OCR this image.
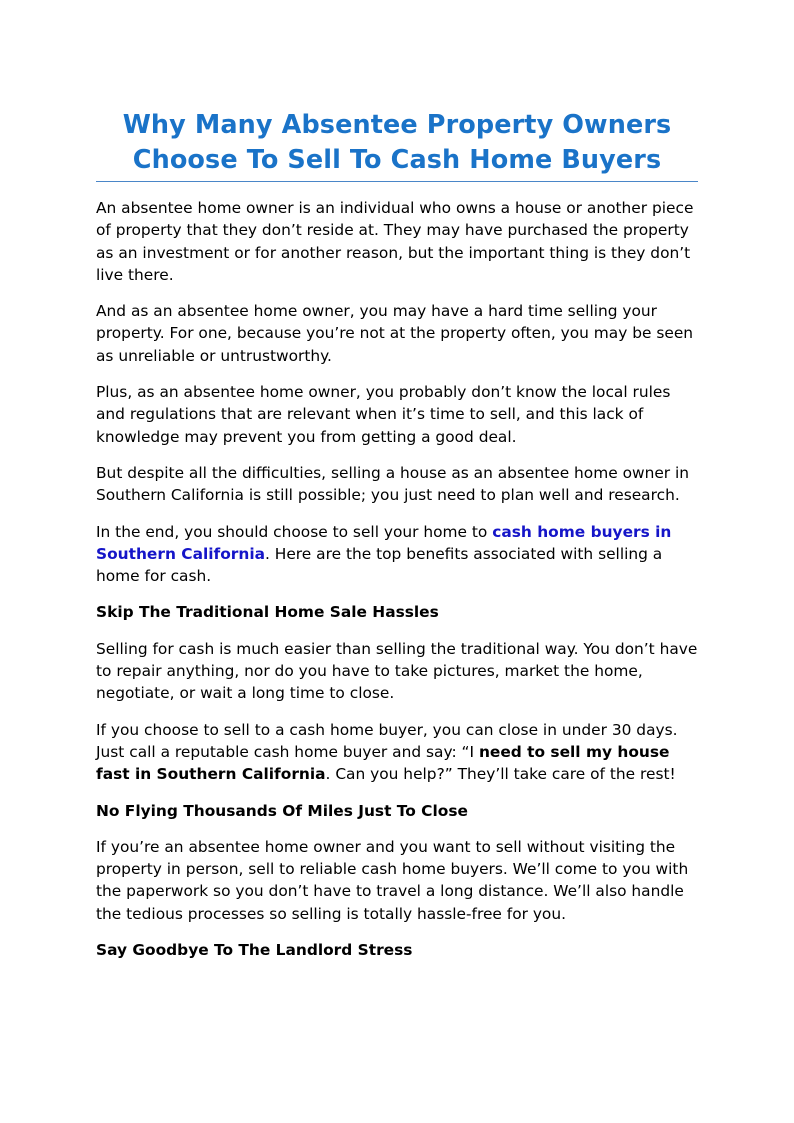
Why Many Absentee Property Owners
Choose To Sell To Cash Home Buyers

An absentee home owner is an individual who owns a house or another piece of property that they don’t reside at. They may have purchased the property as an investment or for another reason, but the important thing is they don’t live there.

And as an absentee home owner, you may have a hard time selling your property. For one, because you’re not at the property often, you may be seen as unreliable or untrustworthy.

Plus, as an absentee home owner, you probably don’t know the local rules and regulations that are relevant when it’s time to sell, and this lack of knowledge may prevent you from getting a good deal.

But despite all the difficulties, selling a house as an absentee home owner in Southern California is still possible; you just need to plan well and research.

In the end, you should choose to sell your home to cash home buyers in Southern California. Here are the top benefits associated with selling a home for cash.

Skip The Traditional Home Sale Hassles

Selling for cash is much easier than selling the traditional way. You don’t have to repair anything, nor do you have to take pictures, market the home, negotiate, or wait a long time to close.

If you choose to sell to a cash home buyer, you can close in under 30 days. Just call a reputable cash home buyer and say: “I need to sell my house fast in Southern California. Can you help?” They’ll take care of the rest!

No Flying Thousands Of Miles Just To Close

If you’re an absentee home owner and you want to sell without visiting the property in person, sell to reliable cash home buyers. We’ll come to you with the paperwork so you don’t have to travel a long distance. We’ll also handle the tedious processes so selling is totally hassle-free for you.

Say Goodbye To The Landlord Stress
